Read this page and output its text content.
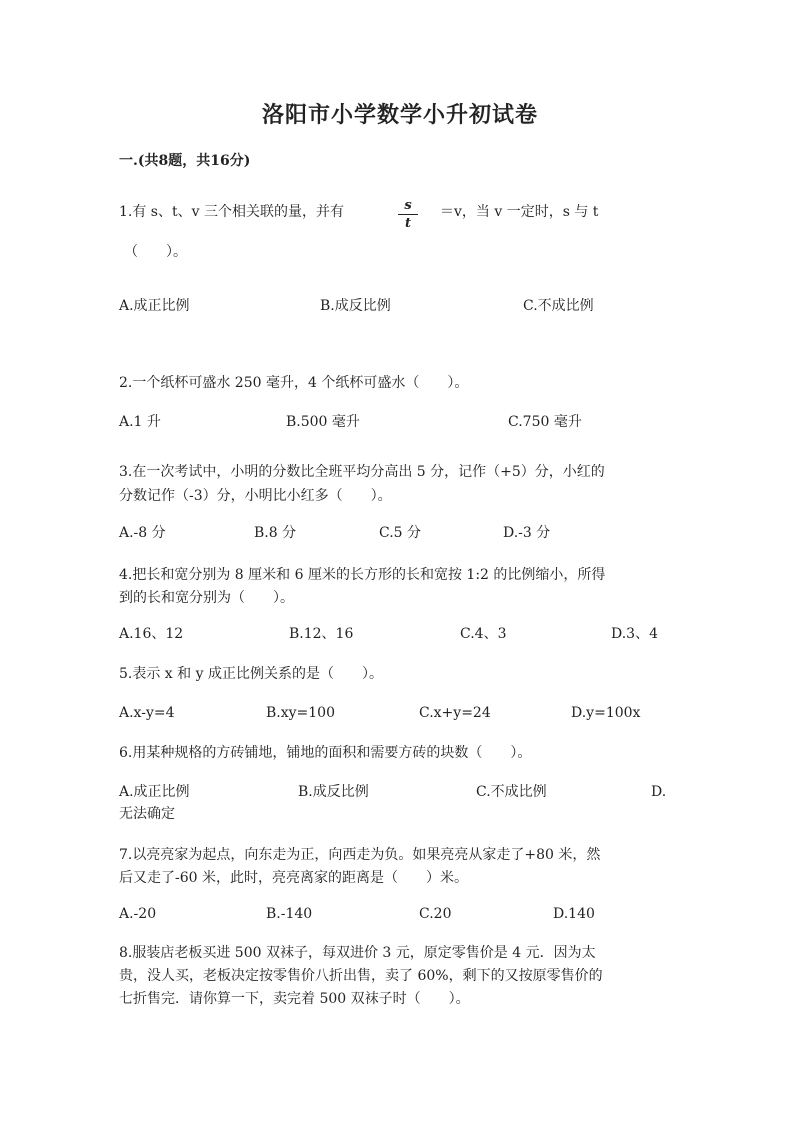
洛阳市小学数学小升初试卷
一.(共8题，共16分)
1.有 s、t、v 三个相关联的量，并有	s
t
＝v，当 v 一定时，s 与 t
（　　）。
A.成正比例	B.成反比例	C.不成比例
2.一个纸杯可盛水 250 毫升，4 个纸杯可盛水（　　）。
A.1 升	B.500 毫升	C.750 毫升
3.在一次考试中，小明的分数比全班平均分高出 5 分，记作（+5）分，小红的
分数记作（-3）分，小明比小红多（　　）。
A.-8 分	B.8 分	C.5 分	D.-3 分
4.把长和宽分别为 8 厘米和 6 厘米的长方形的长和宽按 1:2 的比例缩小，所得
到的长和宽分别为（　　）。
A.16、12	B.12、16	C.4、3	D.3、4
5.表示 x 和 y 成正比例关系的是（　　）。
A.x-y=4	B.xy=100	C.x+y=24	D.y=100x
6.用某种规格的方砖铺地，铺地的面积和需要方砖的块数（　　）。
A.成正比例	B.成反比例	C.不成比例	D.
无法确定
7.以亮亮家为起点，向东走为正，向西走为负。如果亮亮从家走了+80 米，然
后又走了-60 米，此时，亮亮离家的距离是（　　）米。
A.-20	B.-140	C.20	D.140
8.服装店老板买进 500 双袜子，每双进价 3 元，原定零售价是 4 元．因为太
贵，没人买，老板决定按零售价八折出售，卖了 60%，剩下的又按原零售价的
七折售完．请你算一下，卖完着 500 双袜子时（　　）。
